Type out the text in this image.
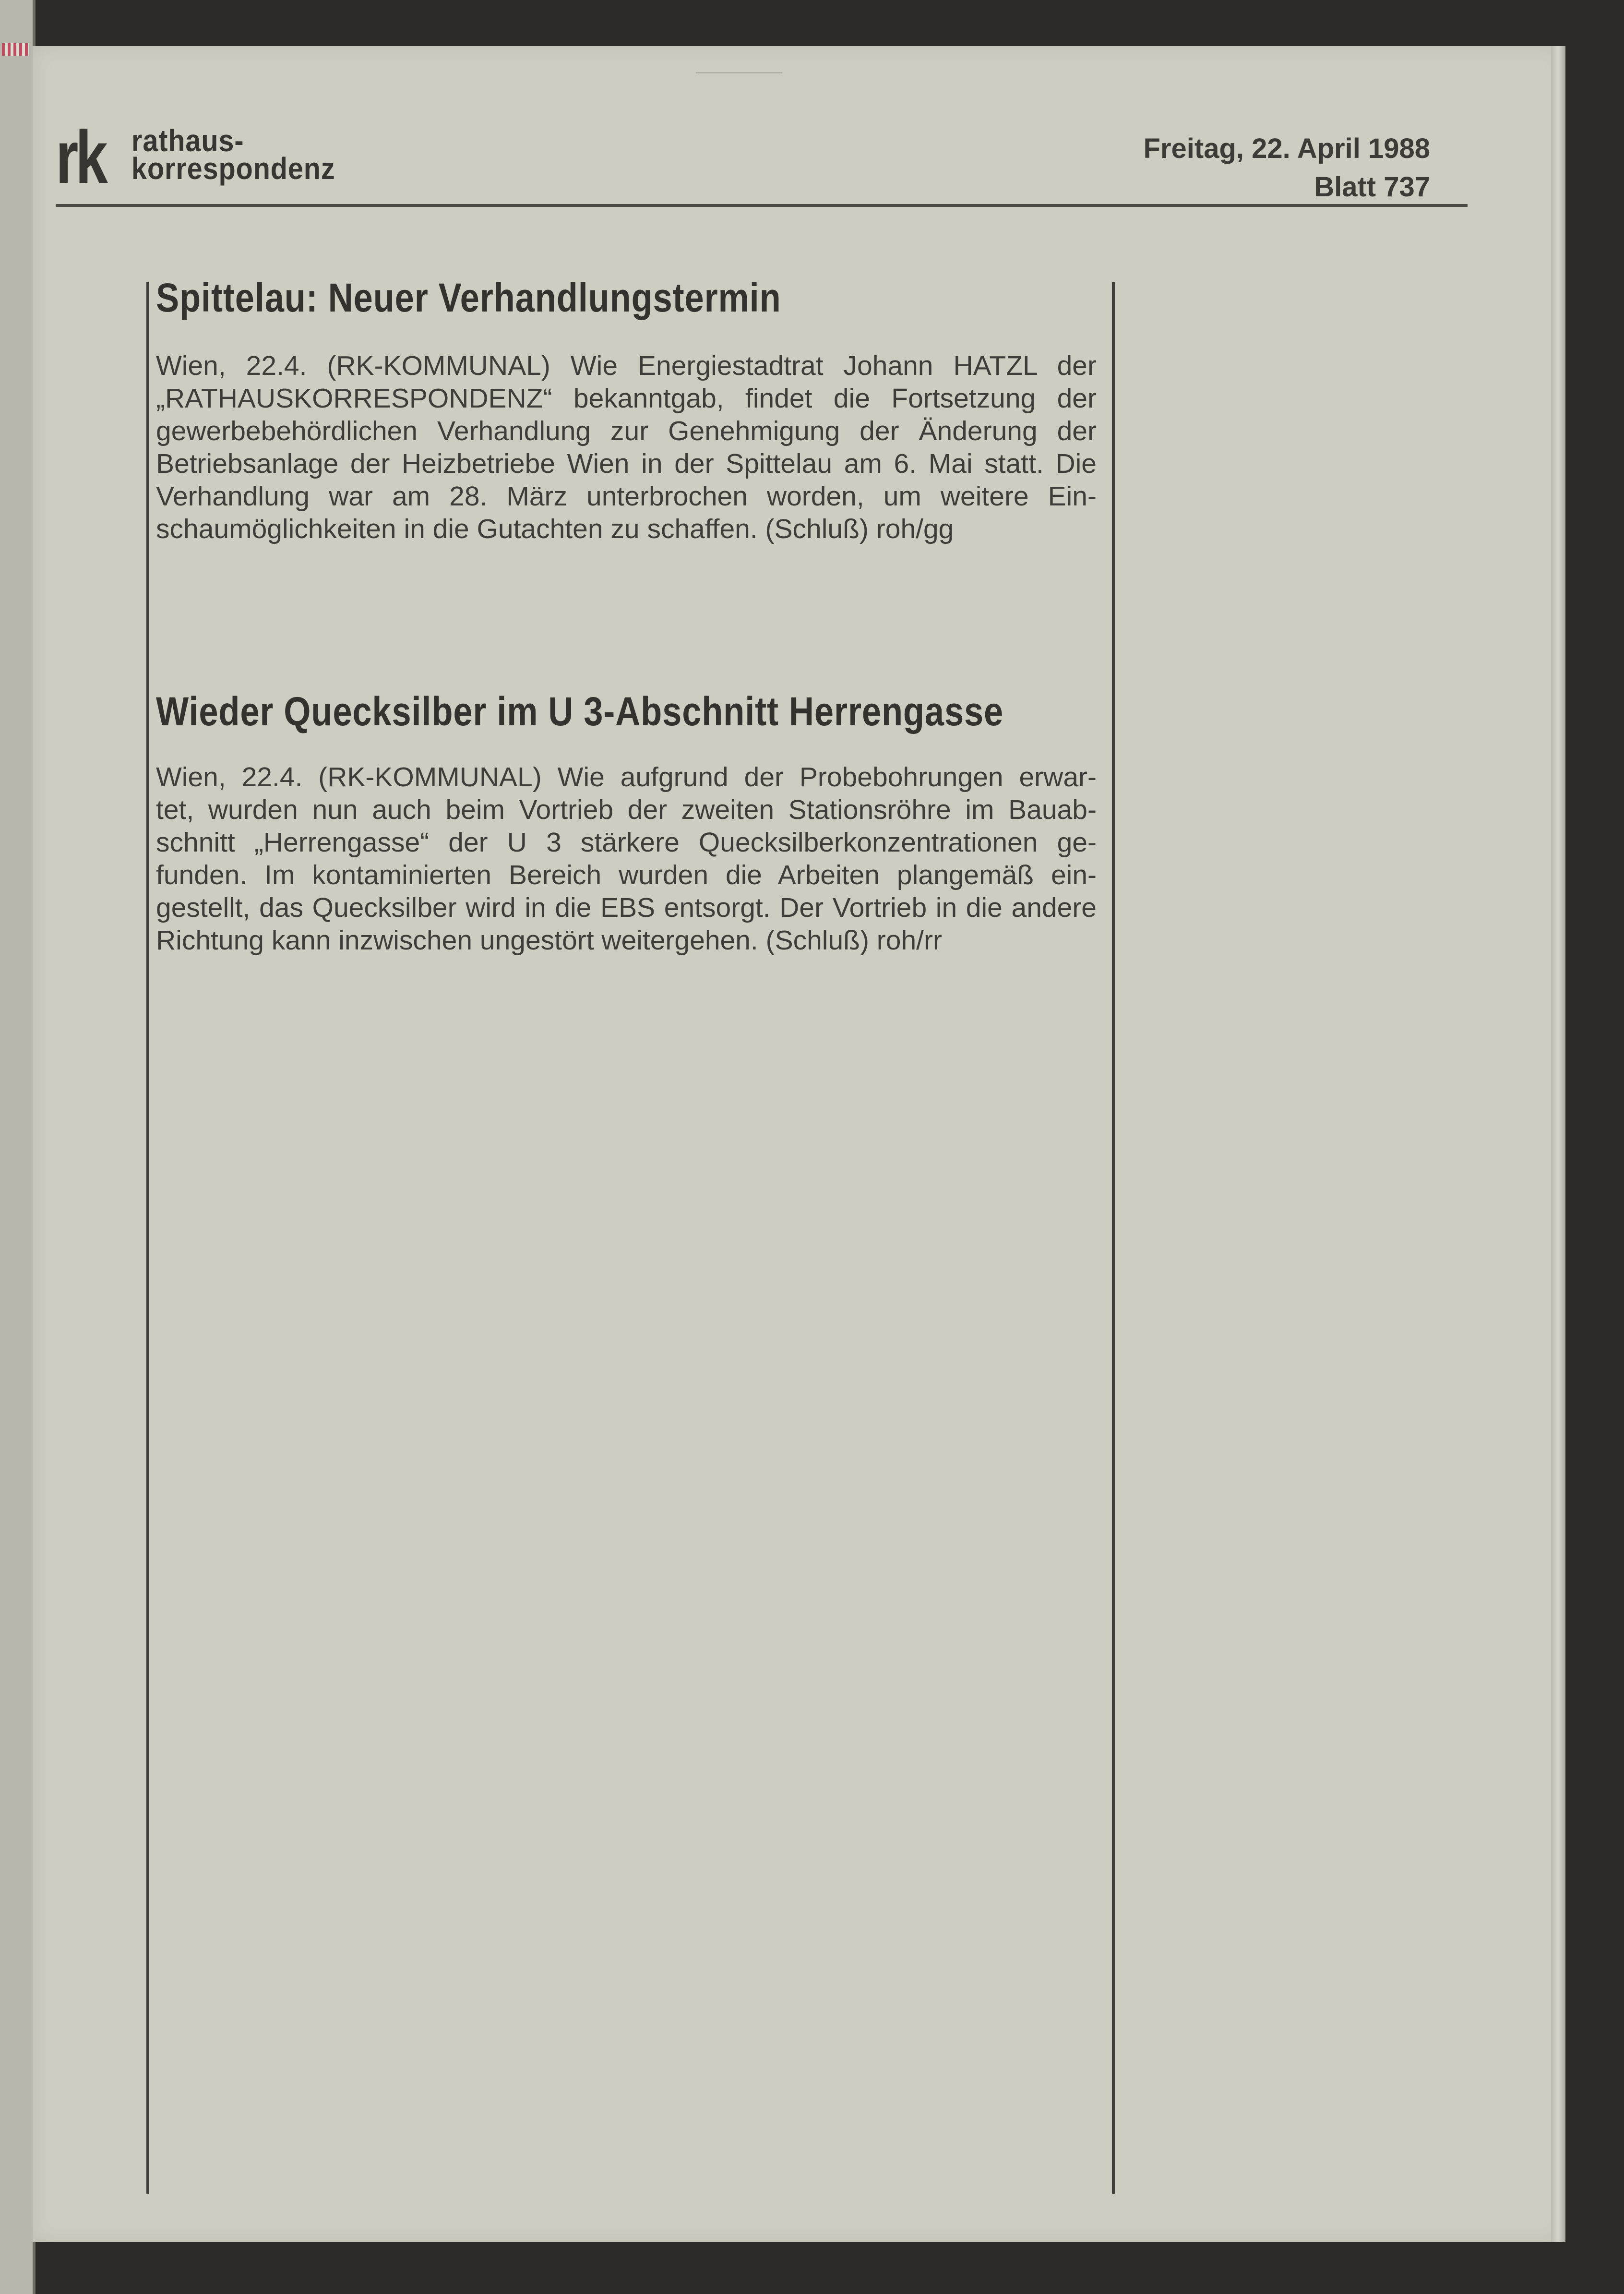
rk rathaus-
korrespondenz
Freitag, 22. April 1988
Blatt 737
Spittelau: Neuer Verhandlungstermin
Wien, 22.4. (RK-KOMMUNAL) Wie Energiestadtrat Johann HATZL der
„RATHAUSKORRESPONDENZ“ bekanntgab, findet die Fortsetzung der
gewerbebehördlichen Verhandlung zur Genehmigung der Änderung der
Betriebsanlage der Heizbetriebe Wien in der Spittelau am 6. Mai statt. Die
Verhandlung war am 28. März unterbrochen worden, um weitere Ein-
schaumöglichkeiten in die Gutachten zu schaffen. (Schluß) roh/gg
Wieder Quecksilber im U 3-Abschnitt Herrengasse
Wien, 22.4. (RK-KOMMUNAL) Wie aufgrund der Probebohrungen erwar-
tet, wurden nun auch beim Vortrieb der zweiten Stationsröhre im Bauab-
schnitt „Herrengasse“ der U 3 stärkere Quecksilberkonzentrationen ge-
funden. Im kontaminierten Bereich wurden die Arbeiten plangemäß ein-
gestellt, das Quecksilber wird in die EBS entsorgt. Der Vortrieb in die andere
Richtung kann inzwischen ungestört weitergehen. (Schluß) roh/rr
